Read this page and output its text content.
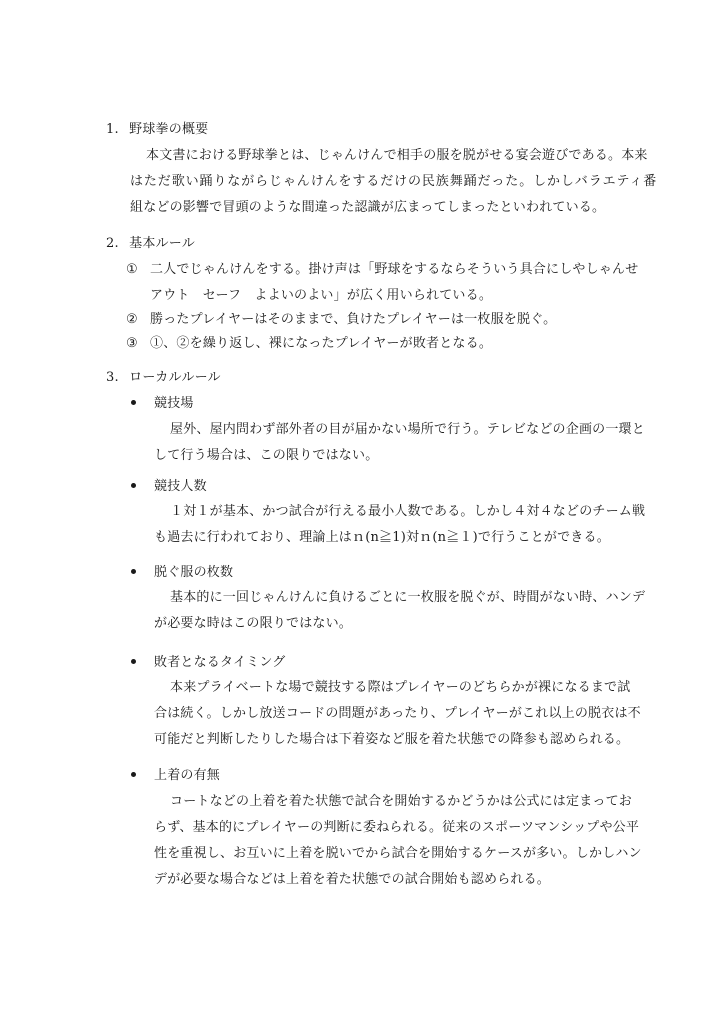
1. 野球拳の概要
本文書における野球拳とは、じゃんけんで相手の服を脱がせる宴会遊びである。本来
はただ歌い踊りながらじゃんけんをするだけの民族舞踊だった。しかしバラエティ番
組などの影響で冒頭のような間違った認識が広まってしまったといわれている。
2. 基本ルール
① 二人でじゃんけんをする。掛け声は「野球をするならそういう具合にしやしゃんせ
アウト　セーフ　よよいのよい」が広く用いられている。
② 勝ったプレイヤーはそのままで、負けたプレイヤーは一枚服を脱ぐ。
③ ①、②を繰り返し、裸になったプレイヤーが敗者となる。
3. ローカルルール
競技場
屋外、屋内問わず部外者の目が届かない場所で行う。テレビなどの企画の一環と
して行う場合は、この限りではない。
競技人数
１対１が基本、かつ試合が行える最小人数である。しかし４対４などのチーム戦
も過去に行われており、理論上はｎ(n≧1)対ｎ(n≧１)で行うことができる。
脱ぐ服の枚数
基本的に一回じゃんけんに負けるごとに一枚服を脱ぐが、時間がない時、ハンデ
が必要な時はこの限りではない。
敗者となるタイミング
本来プライベートな場で競技する際はプレイヤーのどちらかが裸になるまで試
合は続く。しかし放送コードの問題があったり、プレイヤーがこれ以上の脱衣は不
可能だと判断したりした場合は下着姿など服を着た状態での降参も認められる。
上着の有無
コートなどの上着を着た状態で試合を開始するかどうかは公式には定まってお
らず、基本的にプレイヤーの判断に委ねられる。従来のスポーツマンシップや公平
性を重視し、お互いに上着を脱いでから試合を開始するケースが多い。しかしハン
デが必要な場合などは上着を着た状態での試合開始も認められる。
